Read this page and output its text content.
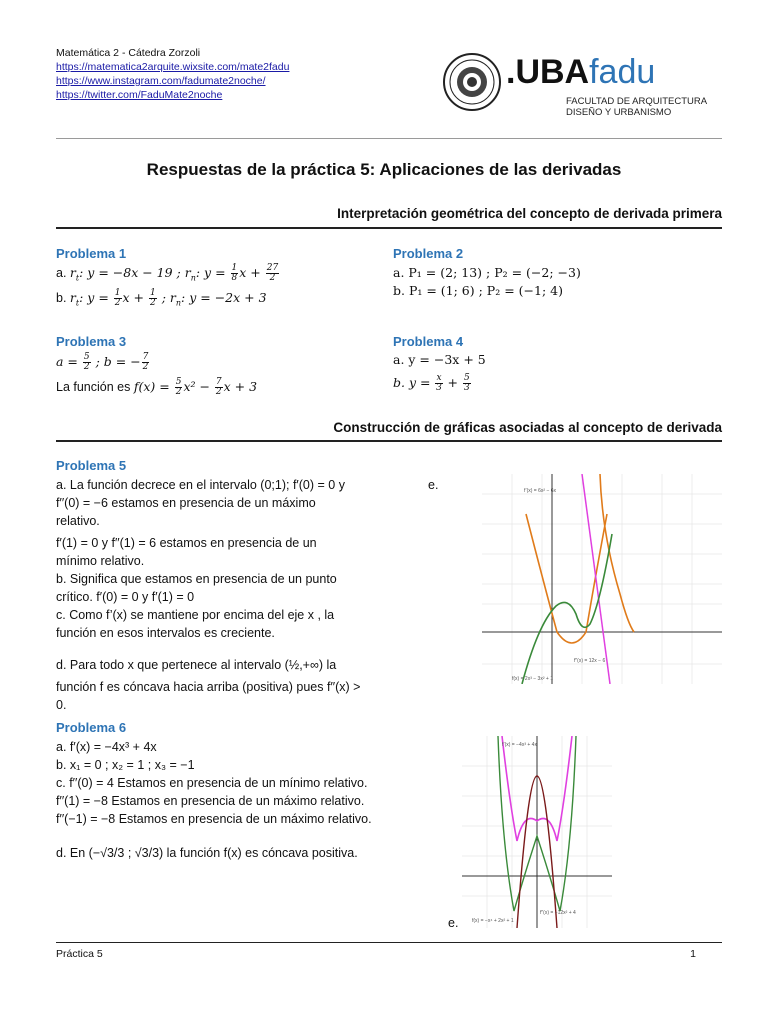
Matemática 2 - Cátedra Zorzoli
https://matematica2arquite.wixsite.com/mate2fadu
https://www.instagram.com/fadumate2noche/
https://twitter.com/FaduMate2noche
.UBAfadu
FACULTAD DE ARQUITECTURA
DISEÑO Y URBANISMO
Respuestas de la práctica 5: Aplicaciones de las derivadas
Interpretación geométrica del concepto de derivada primera
Problema 1
a. $r_t$: y = −8x − 19 ; $r_n$: $y = \frac{1}{8}$ $x + \frac{27}{2}$
b. $r_t$: $y = \frac{1}{2}$ $x + \frac{1}{2}$ ; $r_n$: y = −2x + 3
Problema 2
a. P₁ = (2; 13) ; P₂ = (−2; −3)
b. P₁ = (1; 6) ; P₂ = (−1; 4)
Problema 3
$a = \frac{5}{2}$ ; b = − $\frac{7}{2}$
La función es $f(x) = \frac{5}{2} x^2 - \frac{7}{2}$ x + 3
Problema 4
a. y = −3x + 5
b. $y = \frac{x}{3} + \frac{5}{3}$
Construcción de gráficas asociadas al concepto de derivada
Problema 5
a. La función decrece en el intervalo (0;1); f′(0) = 0 y
f′′(0) = −6 estamos en presencia de un máximo
relativo.
f′(1) = 0 y f′′(1) = 6 estamos en presencia de un
mínimo relativo.
b. Significa que estamos en presencia de un punto
crítico. f′(0) = 0 y f′(1) = 0
c. Como f’(x) se mantiene por encima del eje x , la
función en esos intervalos es creciente.
d. Para todo x que pertenece al intervalo (½,+∞) la
función f es cóncava hacia arriba (positiva) pues f′′(x) >
0.
e.	f’(x) = 6x² − 6x
f″(x) = 12x − 6
f(x) = 2x³ − 3x² + 1
Problema 6
a. f′(x) = −4x³ + 4x
b. x₁ = 0 ; x₂ = 1 ; x₃ = −1
c. f′′(0) = 4 Estamos en presencia de un mínimo relativo.
f′′(1) = −8 Estamos en presencia de un máximo relativo.
f′′(−1) = −8 Estamos en presencia de un máximo relativo.
d. En (−√3/3 ; √3/3) la función f(x) es cóncava positiva.
e.
f’(x) = −4x³ + 4x
f″(x) = −12x² + 4
f(x) = −x⁴ + 2x² + 1
Práctica 5	1
